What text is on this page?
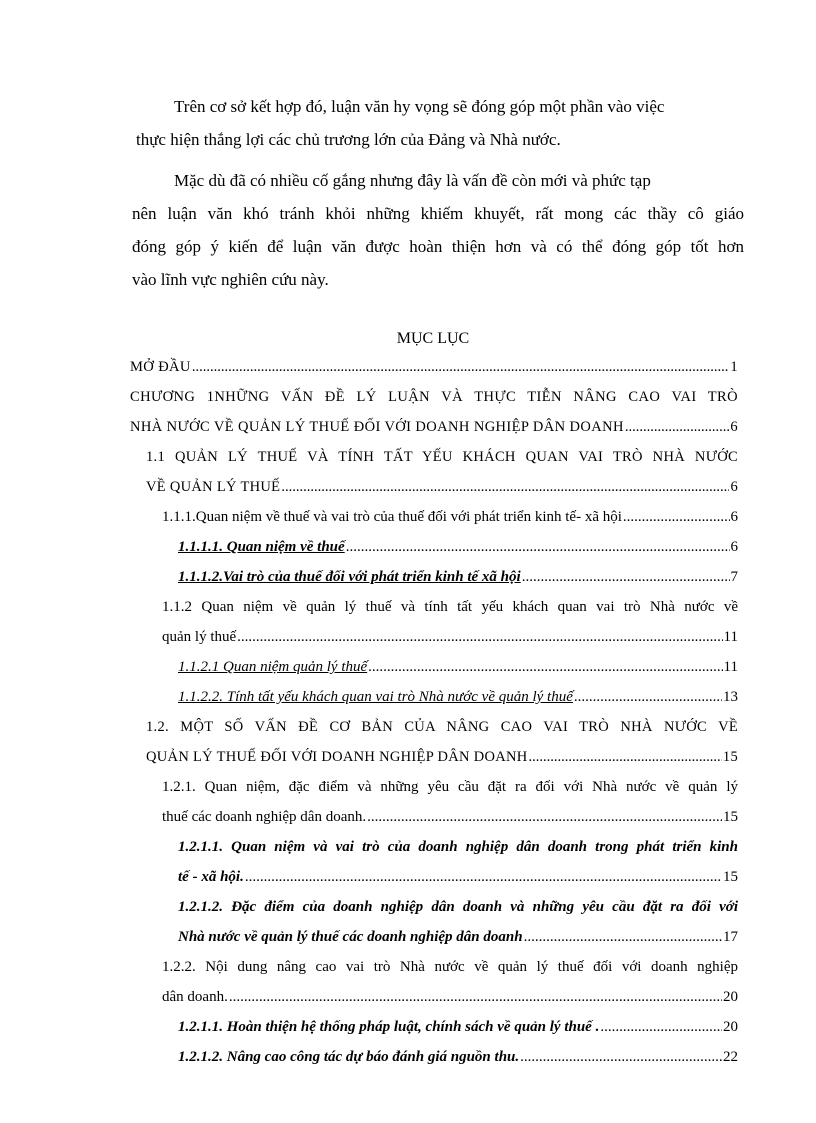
Trên cơ sở kết hợp đó, luận văn hy vọng sẽ đóng góp một phần vào việc
thực hiện thắng lợi các chủ trương lớn của Đảng và Nhà nước.
Mặc dù đã có nhiều cố gắng nhưng đây là vấn đề còn mới và phức tạp
nên luận văn khó tránh khỏi những khiếm khuyết, rất mong các thầy cô giáo
đóng góp ý kiến để luận văn được hoàn thiện hơn và có thể đóng góp tốt hơn
vào lĩnh vực nghiên cứu này.
MỤC LỤC
MỞ ĐẦU .....	1
CHƯƠNG 1NHỮNG VẤN ĐỀ LÝ LUẬN VÀ THỰC TIỄN NÂNG CAO VAI TRÒ
NHÀ NƯỚC VỀ QUẢN LÝ THUẾ ĐỐI VỚI DOANH NGHIỆP DÂN DOANH .....	6
1.1 QUẢN LÝ THUẾ VÀ TÍNH TẤT YẾU KHÁCH QUAN VAI TRÒ NHÀ NƯỚC
VỀ QUẢN LÝ THUẾ .....	6
1.1.1.Quan niệm về thuế và vai trò của thuế đối với phát triển kinh tế- xã hội .....	6
1.1.1.1. Quan niệm về thuế .....	6
1.1.1.2.Vai trò của thuế đối với phát triển kinh tế xã hội .....	7
1.1.2 Quan niệm về quản lý thuế và tính tất yếu khách quan vai trò Nhà nước về
quản lý thuế .....	11
1.1.2.1 Quan niệm quản lý thuế .....	11
1.1.2.2. Tính tất yếu khách quan vai trò Nhà nước về quản lý thuế .....	13
1.2. MỘT SỐ VẤN ĐỀ CƠ BẢN CỦA NÂNG CAO VAI TRÒ NHÀ NƯỚC VỀ
QUẢN LÝ THUẾ ĐỐI VỚI DOANH NGHIỆP DÂN DOANH .....	15
1.2.1. Quan niệm, đặc điểm và những yêu cầu đặt ra đối với Nhà nước về quản lý
thuế các doanh nghiệp dân doanh. .....	15
1.2.1.1. Quan niệm và vai trò của doanh nghiệp dân doanh trong phát triển kinh
tế - xã hội. .....	15
1.2.1.2. Đặc điểm của doanh nghiệp dân doanh và những yêu cầu đặt ra đối với
Nhà nước về quản lý thuế các doanh nghiệp dân doanh .....	17
1.2.2. Nội dung nâng cao vai trò Nhà nước về quản lý thuế đối với doanh nghiệp
dân doanh. .....	20
1.2.1.1. Hoàn thiện hệ thống pháp luật, chính sách về quản lý thuế . .....	20
1.2.1.2. Nâng cao công tác dự báo đánh giá nguồn thu. .....	22
